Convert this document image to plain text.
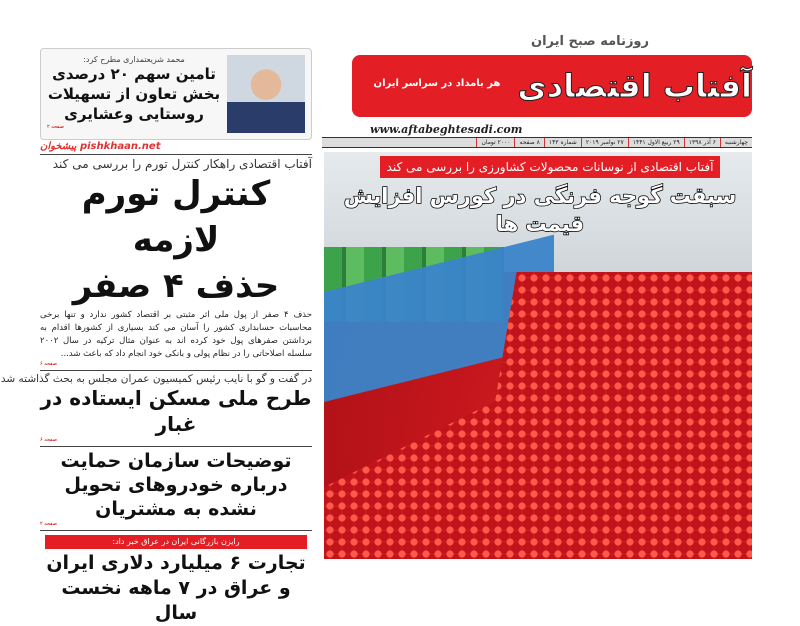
آفتاب اقتصادی
روزنامه صبح ایران
هر بامداد در سراسر ایران
www.aftabeghtesadi.com
چهارشنبه
۶ آذر ۱۳۹۸
۲۹ ربیع الاول ۱۴۴۱
۲۷ نوامبر ۲۰۱۹
شماره ۱۴۳
۸ صفحه
۲۰۰۰ تومان
آفتاب اقتصادی از نوسانات محصولات کشاورزی را بررسی می کند
سبقت گوجه فرنگی در کورس افزایش قیمت ها
محمد شریعتمداری مطرح کرد:
تامین سهم ۲۰ درصدی بخش تعاون از تسهیلات روستایی وعشایری
صفحه ۲
پیشخوان pishkhaan.net
آفتاب اقتصادی راهکار کنترل تورم را بررسی می کند
کنترل تورم لازمه
حذف ۴ صفر
حذف ۴ صفر از پول ملی اثر مثبتی بر اقتصاد کشور ندارد و تنها برخی محاسبات حسابداری کشور را آسان می کند بسیاری از کشورها اقدام به برداشتن صفرهای پول خود کرده اند به عنوان مثال ترکیه در سال ۲۰۰۲ سلسله اصلاحاتی را در نظام پولی و بانکی خود انجام داد که باعث شد...
صفحه ۶
در گفت و گو با نایب رئیس کمیسیون عمران مجلس به بحث گذاشته شد
طرح ملی مسکن ایستاده در غبار
صفحه ۶
توضیحات سازمان حمایت درباره خودروهای تحویل نشده به مشتریان
صفحه ۲
رایزن بازرگانی ایران در عراق خبر داد:
تجارت ۶ میلیارد دلاری ایران و عراق در ۷ ماهه نخست سال
